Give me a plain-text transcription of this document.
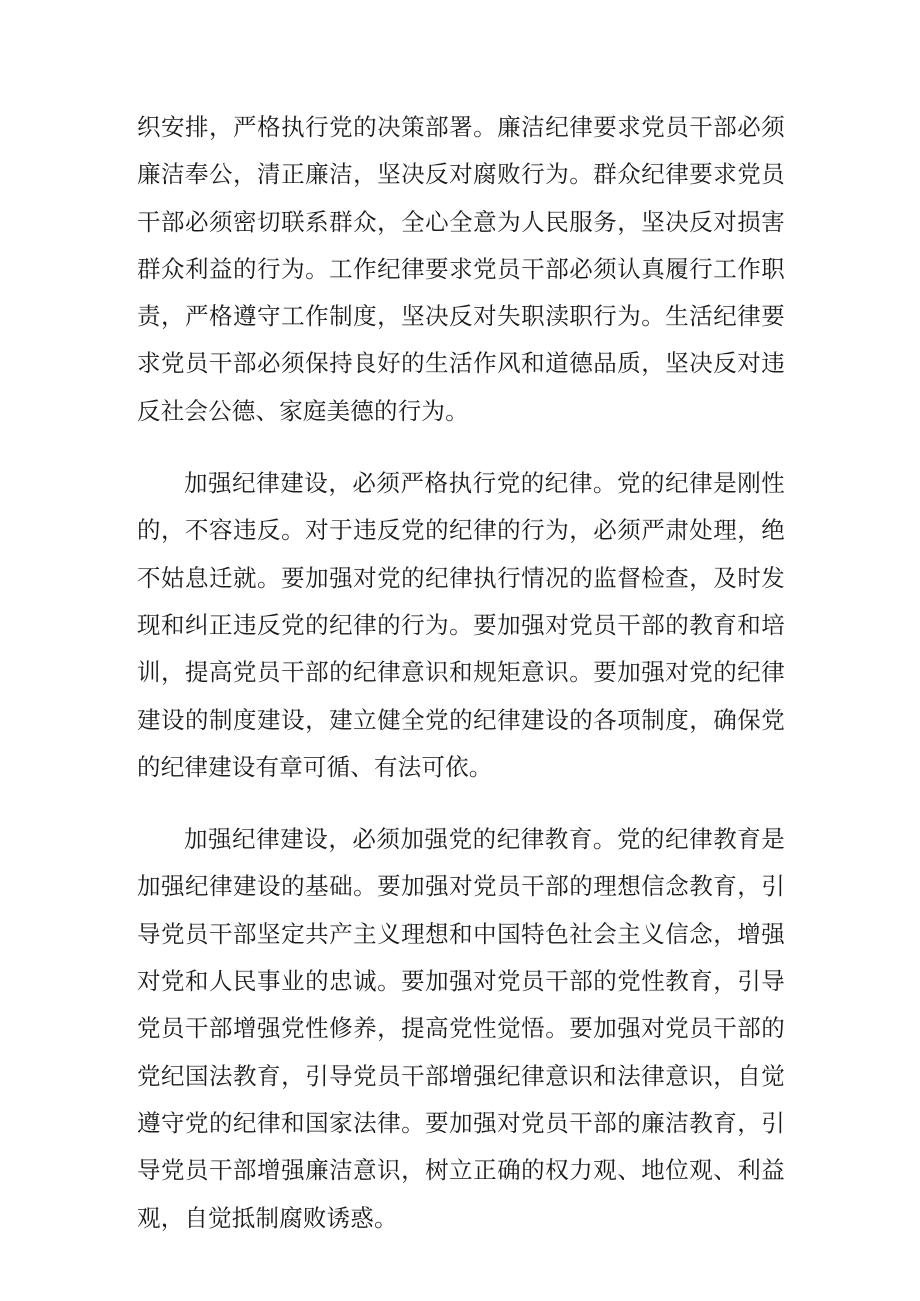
织安排，严格执行党的决策部署。廉洁纪律要求党员干部必须廉洁奉公，清正廉洁，坚决反对腐败行为。群众纪律要求党员干部必须密切联系群众，全心全意为人民服务，坚决反对损害群众利益的行为。工作纪律要求党员干部必须认真履行工作职责，严格遵守工作制度，坚决反对失职渎职行为。生活纪律要求党员干部必须保持良好的生活作风和道德品质，坚决反对违反社会公德、家庭美德的行为。

加强纪律建设，必须严格执行党的纪律。党的纪律是刚性的，不容违反。对于违反党的纪律的行为，必须严肃处理，绝不姑息迁就。要加强对党的纪律执行情况的监督检查，及时发现和纠正违反党的纪律的行为。要加强对党员干部的教育和培训，提高党员干部的纪律意识和规矩意识。要加强对党的纪律建设的制度建设，建立健全党的纪律建设的各项制度，确保党的纪律建设有章可循、有法可依。

加强纪律建设，必须加强党的纪律教育。党的纪律教育是加强纪律建设的基础。要加强对党员干部的理想信念教育，引导党员干部坚定共产主义理想和中国特色社会主义信念，增强对党和人民事业的忠诚。要加强对党员干部的党性教育，引导党员干部增强党性修养，提高党性觉悟。要加强对党员干部的党纪国法教育，引导党员干部增强纪律意识和法律意识，自觉遵守党的纪律和国家法律。要加强对党员干部的廉洁教育，引导党员干部增强廉洁意识，树立正确的权力观、地位观、利益观，自觉抵制腐败诱惑。
